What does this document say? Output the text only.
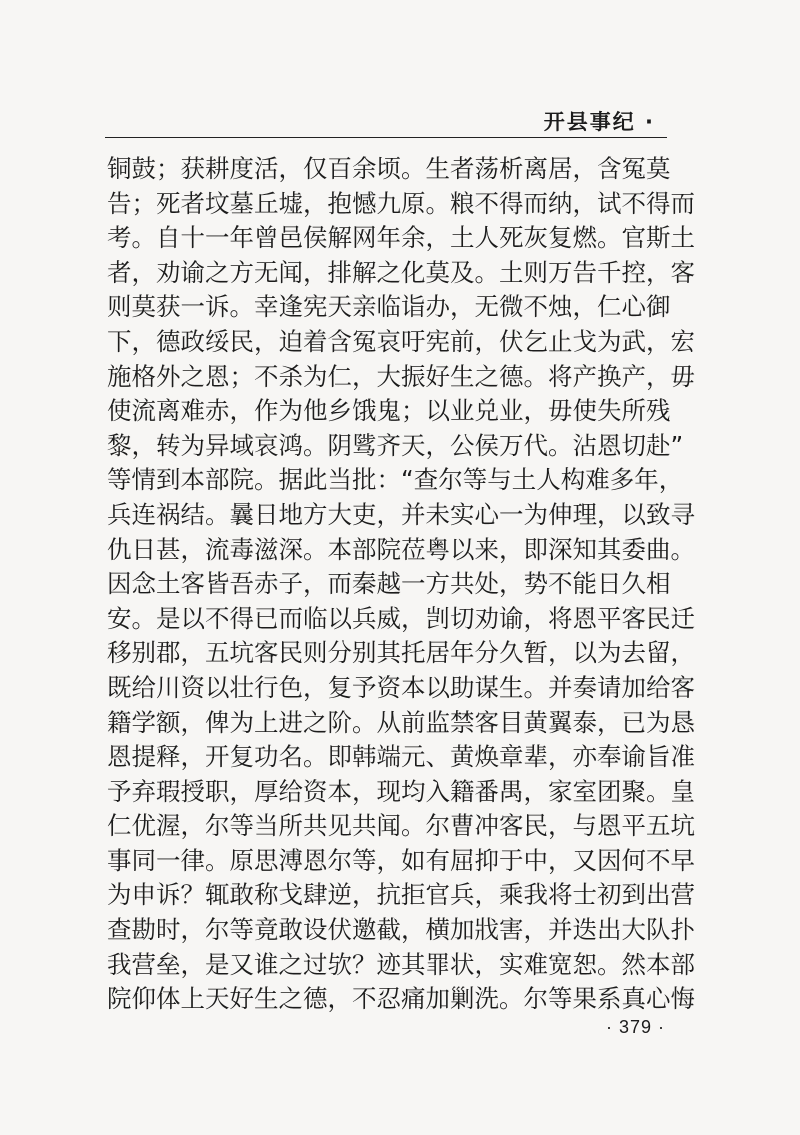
开县事纪 ·
铜鼓；获耕度活，仅百余顷。生者荡析离居，含冤莫
告；死者坟墓丘墟，抱憾九原。粮不得而纳，试不得而
考。自十一年曾邑侯解网年余，土人死灰复燃。官斯土
者，劝谕之方无闻，排解之化莫及。土则万告千控，客
则莫获一诉。幸逢宪天亲临诣办，无微不烛，仁心御
下，德政绥民，迫着含冤哀吁宪前，伏乞止戈为武，宏
施格外之恩；不杀为仁，大振好生之德。将产换产，毋
使流离难赤，作为他乡饿鬼；以业兑业，毋使失所残
黎，转为异域哀鸿。阴骘齐天，公侯万代。沾恩切赴”
等情到本部院。据此当批：“查尔等与土人构难多年，
兵连祸结。曩日地方大吏，并未实心一为伸理，以致寻
仇日甚，流毒滋深。本部院莅粤以来，即深知其委曲。
因念土客皆吾赤子，而秦越一方共处，势不能日久相
安。是以不得已而临以兵威，剀切劝谕，将恩平客民迁
移别郡，五坑客民则分别其托居年分久暂，以为去留，
既给川资以壮行色，复予资本以助谋生。并奏请加给客
籍学额，俾为上进之阶。从前监禁客目黄翼泰，已为恳
恩提释，开复功名。即韩端元、黄焕章辈，亦奉谕旨准
予弃瑕授职，厚给资本，现均入籍番禺，家室团聚。皇
仁优渥，尔等当所共见共闻。尔曹冲客民，与恩平五坑
事同一律。原思溥恩尔等，如有屈抑于中，又因何不早
为申诉？辄敢称戈肆逆，抗拒官兵，乘我将士初到出营
查勘时，尔等竟敢设伏邀截，横加戕害，并迭出大队扑
我营垒，是又谁之过欤？迹其罪状，实难宽恕。然本部
院仰体上天好生之德，不忍痛加剿洗。尔等果系真心悔
· 379 ·
